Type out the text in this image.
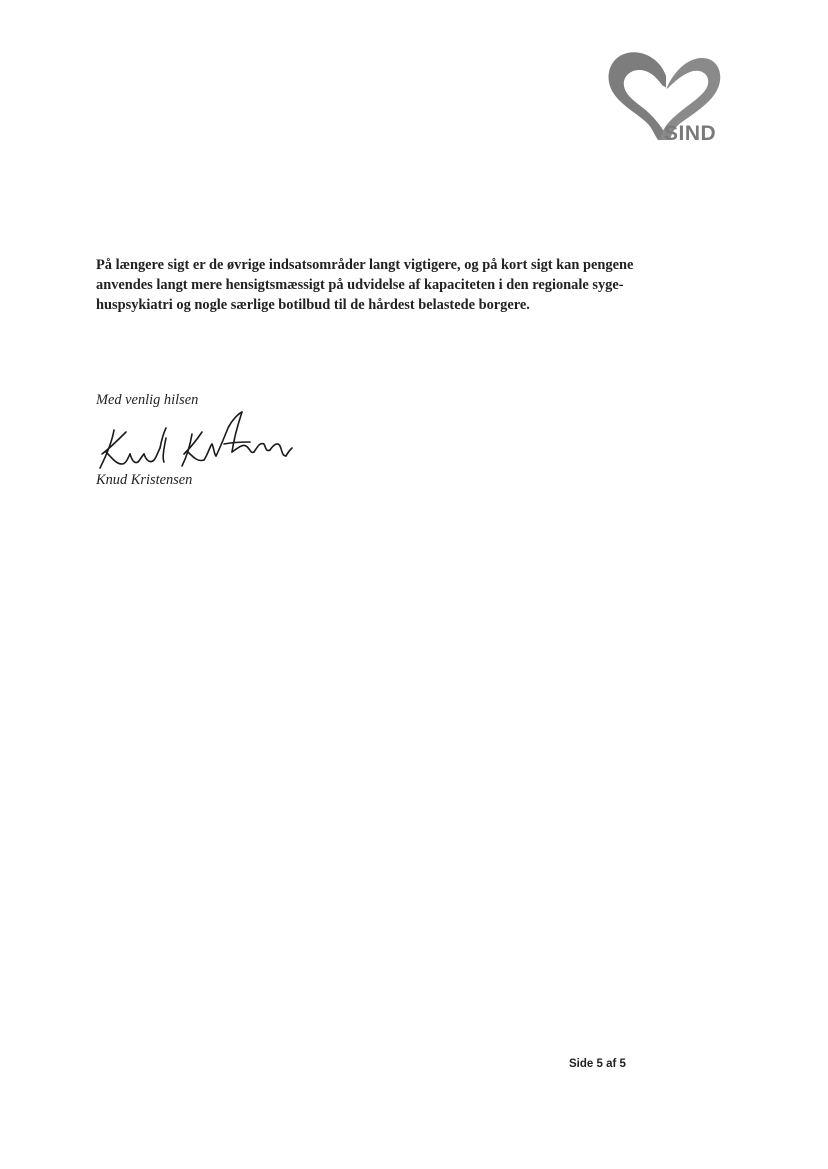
SIND
På længere sigt er de øvrige indsatsområder langt vigtigere, og på kort sigt kan pengene
anvendes langt mere hensigtsmæssigt på udvidelse af kapaciteten i den regionale syge-
huspsykiatri og nogle særlige botilbud til de hårdest belastede borgere.
Med venlig hilsen
Knud Kristensen
Side 5 af 5
